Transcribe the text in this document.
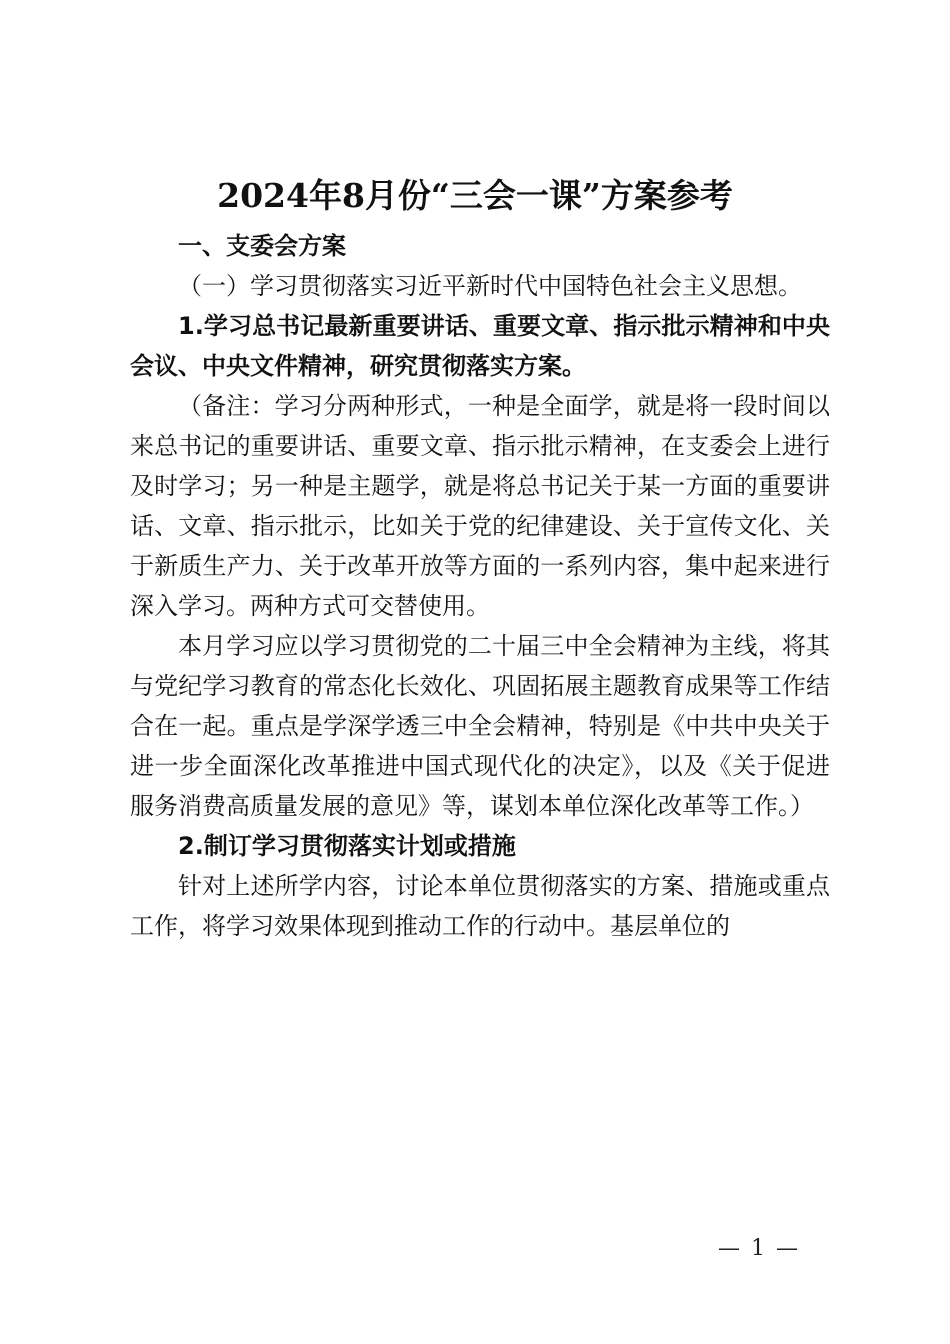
2024年8月份“三会一课”方案参考

一、支委会方案

（一）学习贯彻落实习近平新时代中国特色社会主义思想。

1.学习总书记最新重要讲话、重要文章、指示批示精神和中央会议、中央文件精神，研究贯彻落实方案。

（备注：学习分两种形式，一种是全面学，就是将一段时间以来总书记的重要讲话、重要文章、指示批示精神，在支委会上进行及时学习；另一种是主题学，就是将总书记关于某一方面的重要讲话、文章、指示批示，比如关于党的纪律建设、关于宣传文化、关于新质生产力、关于改革开放等方面的一系列内容，集中起来进行深入学习。两种方式可交替使用。

本月学习应以学习贯彻党的二十届三中全会精神为主线，将其与党纪学习教育的常态化长效化、巩固拓展主题教育成果等工作结合在一起。重点是学深学透三中全会精神，特别是《中共中央关于进一步全面深化改革推进中国式现代化的决定》，以及《关于促进服务消费高质量发展的意见》等，谋划本单位深化改革等工作。）

2.制订学习贯彻落实计划或措施

针对上述所学内容，讨论本单位贯彻落实的方案、措施或重点工作，将学习效果体现到推动工作的行动中。基层单位的

— 1 —
